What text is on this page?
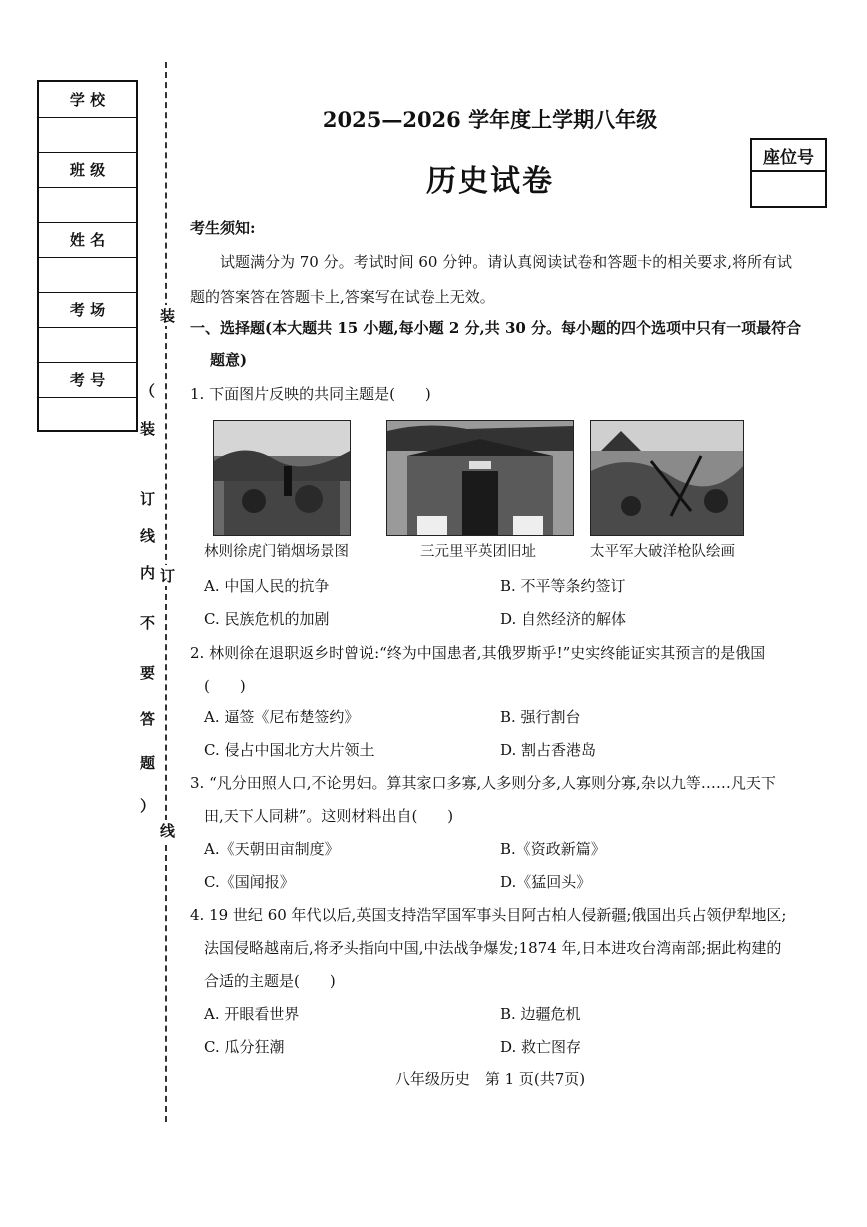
学 校
班 级
姓 名
考 场
考 号
装
订
线
（
装
订
线
内
不
要
答
题
）
座位号
2025—2026 学年度上学期八年级
历史试卷
考生须知:
试题满分为 70 分。考试时间 60 分钟。请认真阅读试卷和答题卡的相关要求,将所有试
题的答案答在答题卡上,答案写在试卷上无效。
一、选择题(本大题共 15 小题,每小题 2 分,共 30 分。每小题的四个选项中只有一项最符合
题意)
1. 下面图片反映的共同主题是(　　)
林则徐虎门销烟场景图	三元里平英团旧址	太平军大破洋枪队绘画
A. 中国人民的抗争	B. 不平等条约签订
C. 民族危机的加剧	D. 自然经济的解体
2. 林则徐在退职返乡时曾说:“终为中国患者,其俄罗斯乎!”史实终能证实其预言的是俄国
(　　)
A. 逼签《尼布楚签约》	B. 强行割台
C. 侵占中国北方大片领土	D. 割占香港岛
3. “凡分田照人口,不论男妇。算其家口多寡,人多则分多,人寡则分寡,杂以九等……凡天下
田,天下人同耕”。这则材料出自(　　)
A.《天朝田亩制度》	B.《资政新篇》
C.《国闻报》	D.《猛回头》
4. 19 世纪 60 年代以后,英国支持浩罕国军事头目阿古柏人侵新疆;俄国出兵占领伊犁地区;
法国侵略越南后,将矛头指向中国,中法战争爆发;1874 年,日本进攻台湾南部;据此构建的
合适的主题是(　　)
A. 开眼看世界	B. 边疆危机
C. 瓜分狂潮	D. 救亡图存
八年级历史　第 1 页(共7页)
